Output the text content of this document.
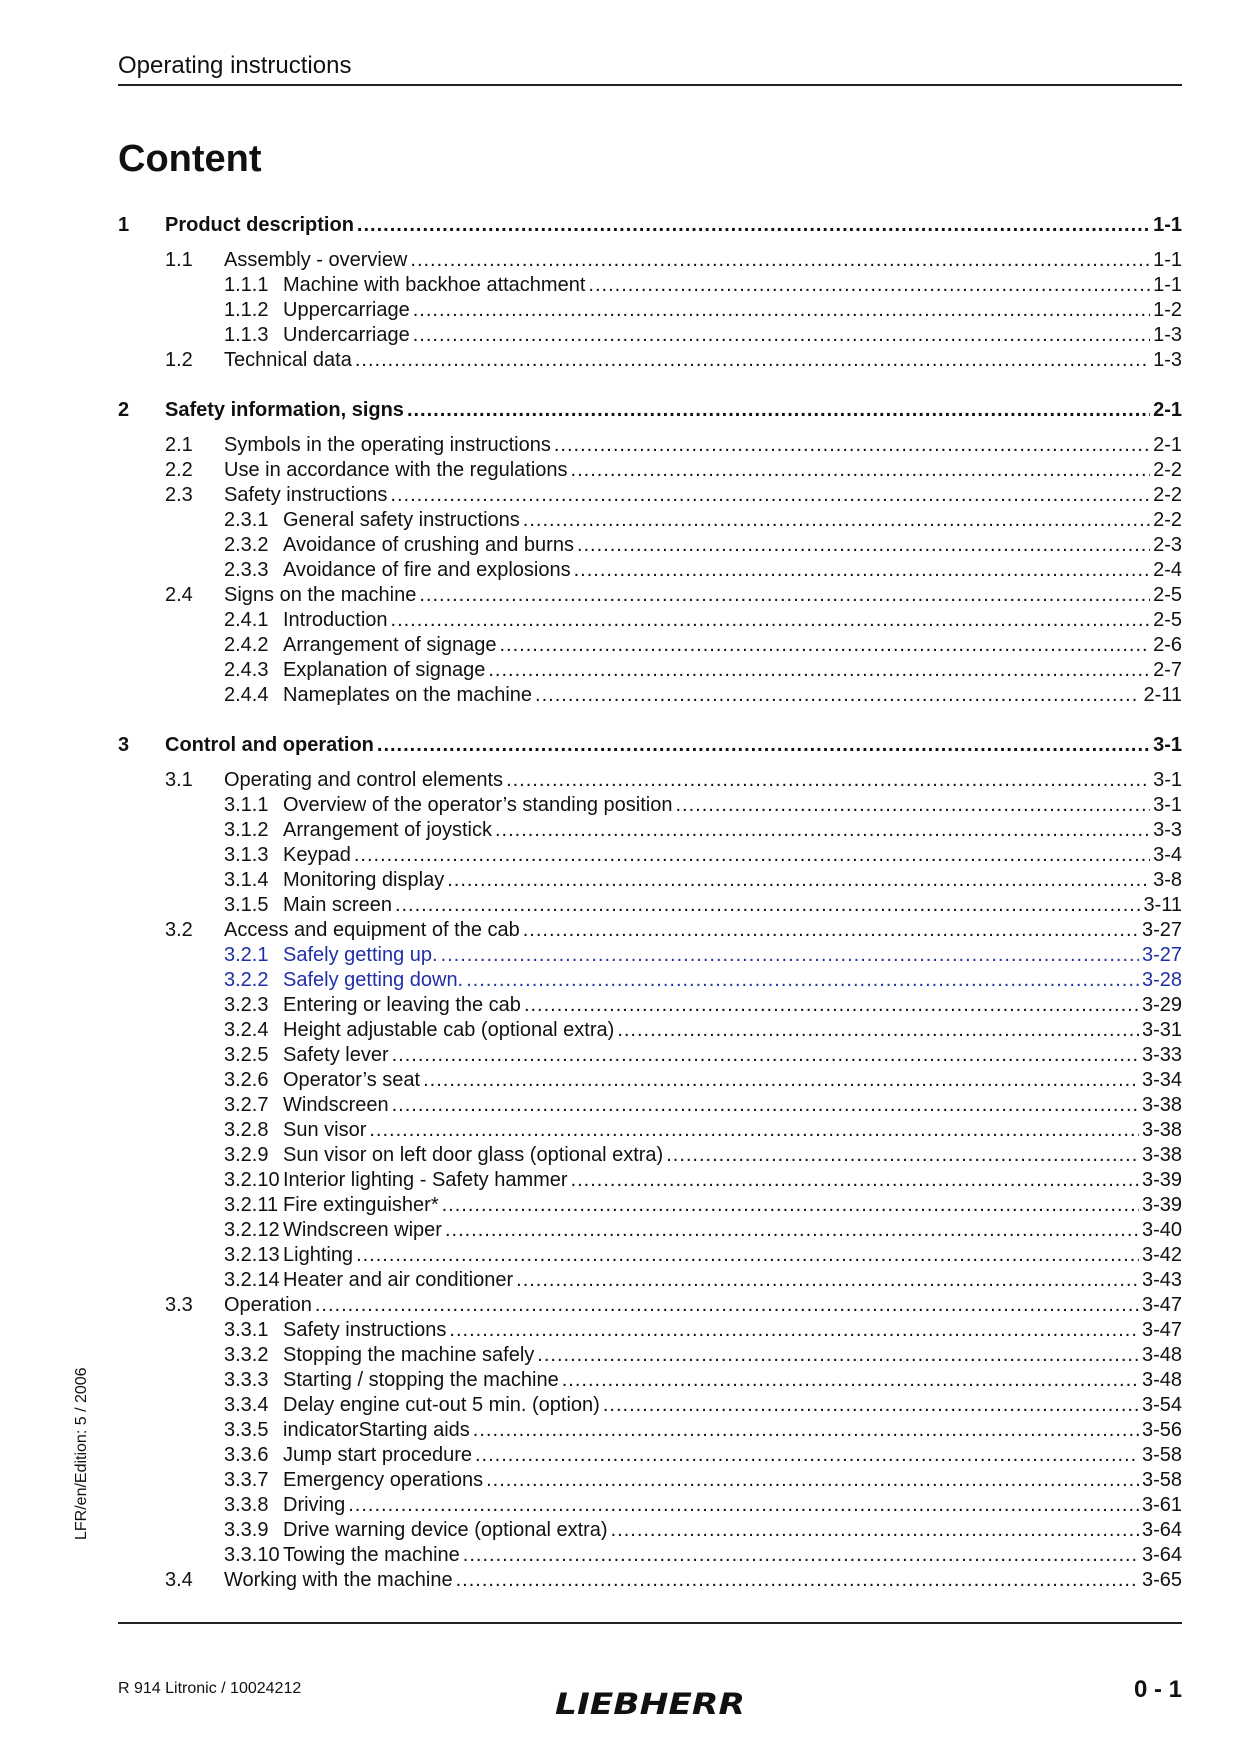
Operating instructions
Content
1	Product description .....	1-1
1.1	Assembly - overview .....	1-1
1.1.1 Machine with backhoe attachment .....	1-1
1.1.2 Uppercarriage .....	1-2
1.1.3 Undercarriage .....	1-3
1.2	Technical data .....	1-3
2	Safety information, signs .....	2-1
2.1	Symbols in the operating instructions .....	2-1
2.2	Use in accordance with the regulations .....	2-2
2.3	Safety instructions .....	2-2
2.3.1 General safety instructions .....	2-2
2.3.2 Avoidance of crushing and burns .....	2-3
2.3.3 Avoidance of fire and explosions .....	2-4
2.4	Signs on the machine .....	2-5
2.4.1 Introduction .....	2-5
2.4.2 Arrangement of signage .....	2-6
2.4.3 Explanation of signage .....	2-7
2.4.4 Nameplates on the machine .....	2-11
3	Control and operation .....	3-1
3.1	Operating and control elements .....	3-1
3.1.1 Overview of the operator’s standing position .....	3-1
3.1.2 Arrangement of joystick .....	3-3
3.1.3 Keypad .....	3-4
3.1.4 Monitoring display .....	3-8
3.1.5 Main screen .....	3-11
3.2	Access and equipment of the cab .....	3-27
3.2.1 Safely getting up. .....	3-27
3.2.2 Safely getting down. .....	3-28
3.2.3 Entering or leaving the cab .....	3-29
3.2.4 Height adjustable cab (optional extra) .....	3-31
3.2.5 Safety lever .....	3-33
3.2.6 Operator’s seat .....	3-34
3.2.7 Windscreen .....	3-38
3.2.8 Sun visor .....	3-38
3.2.9 Sun visor on left door glass (optional extra) .....	3-38
3.2.10 Interior lighting - Safety hammer .....	3-39
3.2.11 Fire extinguisher* .....	3-39
3.2.12 Windscreen wiper .....	3-40
3.2.13 Lighting .....	3-42
3.2.14 Heater and air conditioner .....	3-43
3.3	Operation .....	3-47
3.3.1 Safety instructions .....	3-47
3.3.2 Stopping the machine safely .....	3-48
3.3.3 Starting / stopping the machine .....	3-48
3.3.4 Delay engine cut-out 5 min. (option) .....	3-54
3.3.5 indicatorStarting aids .....	3-56
3.3.6 Jump start procedure .....	3-58
3.3.7 Emergency operations .....	3-58
3.3.8 Driving .....	3-61
3.3.9 Drive warning device (optional extra) .....	3-64
3.3.10 Towing the machine .....	3-64
3.4	Working with the machine .....	3-65
LFR/en/Edition: 5 / 2006
R 914 Litronic / 10024212	LIEBHERR	0 - 1
